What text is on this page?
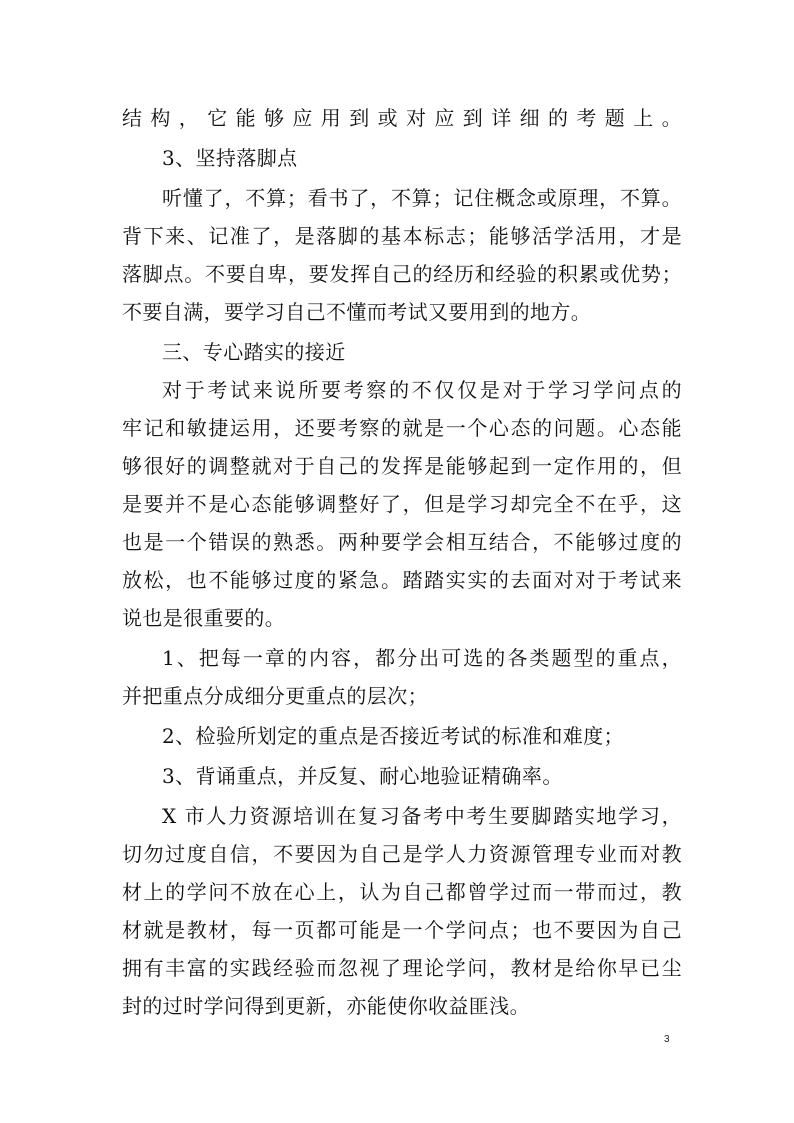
结构，它能够应用到或对应到详细的考题上。
3、坚持落脚点
听懂了，不算；看书了，不算；记住概念或原理，不算。
背下来、记准了，是落脚的基本标志；能够活学活用，才是
落脚点。不要自卑，要发挥自己的经历和经验的积累或优势；
不要自满，要学习自己不懂而考试又要用到的地方。
三、专心踏实的接近
对于考试来说所要考察的不仅仅是对于学习学问点的
牢记和敏捷运用，还要考察的就是一个心态的问题。心态能
够很好的调整就对于自己的发挥是能够起到一定作用的，但
是要并不是心态能够调整好了，但是学习却完全不在乎，这
也是一个错误的熟悉。两种要学会相互结合，不能够过度的
放松，也不能够过度的紧急。踏踏实实的去面对对于考试来
说也是很重要的。
1、把每一章的内容，都分出可选的各类题型的重点，
并把重点分成细分更重点的层次；
2、检验所划定的重点是否接近考试的标准和难度；
3、背诵重点，并反复、耐心地验证精确率。
X 市人力资源培训在复习备考中考生要脚踏实地学习，
切勿过度自信，不要因为自己是学人力资源管理专业而对教
材上的学问不放在心上，认为自己都曾学过而一带而过，教
材就是教材，每一页都可能是一个学问点；也不要因为自己
拥有丰富的实践经验而忽视了理论学问，教材是给你早已尘
封的过时学问得到更新，亦能使你收益匪浅。
3
